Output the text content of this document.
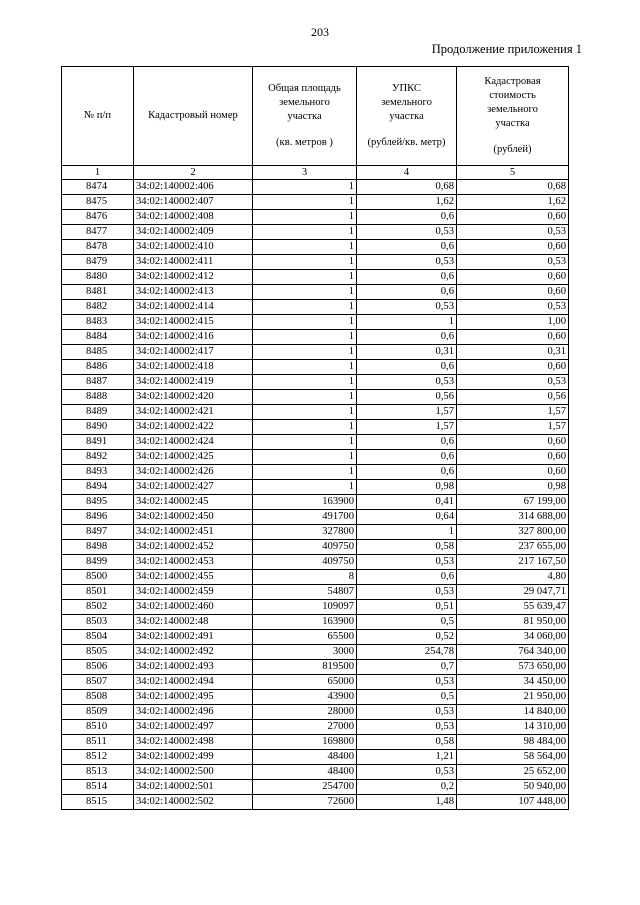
203
Продолжение приложения 1
№ п/п	Кадастровый номер	Общая площадь
земельного
участка
(кв. метров )	УПКС
земельного
участка
(рублей/кв. метр)	Кадастровая
стоимость
земельного
участка
(рублей)

1	2	3	4	5
8474	34:02:140002:406	1	0,68	0,68
8475	34:02:140002:407	1	1,62	1,62
8476	34:02:140002:408	1	0,6	0,60
8477	34:02:140002:409	1	0,53	0,53
8478	34:02:140002:410	1	0,6	0,60
8479	34:02:140002:411	1	0,53	0,53
8480	34:02:140002:412	1	0,6	0,60
8481	34:02:140002:413	1	0,6	0,60
8482	34:02:140002:414	1	0,53	0,53
8483	34:02:140002:415	1	1	1,00
8484	34:02:140002:416	1	0,6	0,60
8485	34:02:140002:417	1	0,31	0,31
8486	34:02:140002:418	1	0,6	0,60
8487	34:02:140002:419	1	0,53	0,53
8488	34:02:140002:420	1	0,56	0,56
8489	34:02:140002:421	1	1,57	1,57
8490	34:02:140002:422	1	1,57	1,57
8491	34:02:140002:424	1	0,6	0,60
8492	34:02:140002:425	1	0,6	0,60
8493	34:02:140002:426	1	0,6	0,60
8494	34:02:140002:427	1	0,98	0,98
8495	34:02:140002:45	163900	0,41	67 199,00
8496	34:02:140002:450	491700	0,64	314 688,00
8497	34:02:140002:451	327800	1	327 800,00
8498	34:02:140002:452	409750	0,58	237 655,00
8499	34:02:140002:453	409750	0,53	217 167,50
8500	34:02:140002:455	8	0,6	4,80
8501	34:02:140002:459	54807	0,53	29 047,71
8502	34:02:140002:460	109097	0,51	55 639,47
8503	34:02:140002:48	163900	0,5	81 950,00
8504	34:02:140002:491	65500	0,52	34 060,00
8505	34:02:140002:492	3000	254,78	764 340,00
8506	34:02:140002:493	819500	0,7	573 650,00
8507	34:02:140002:494	65000	0,53	34 450,00
8508	34:02:140002:495	43900	0,5	21 950,00
8509	34:02:140002:496	28000	0,53	14 840,00
8510	34:02:140002:497	27000	0,53	14 310,00
8511	34:02:140002:498	169800	0,58	98 484,00
8512	34:02:140002:499	48400	1,21	58 564,00
8513	34:02:140002:500	48400	0,53	25 652,00
8514	34:02:140002:501	254700	0,2	50 940,00
8515	34:02:140002:502	72600	1,48	107 448,00
